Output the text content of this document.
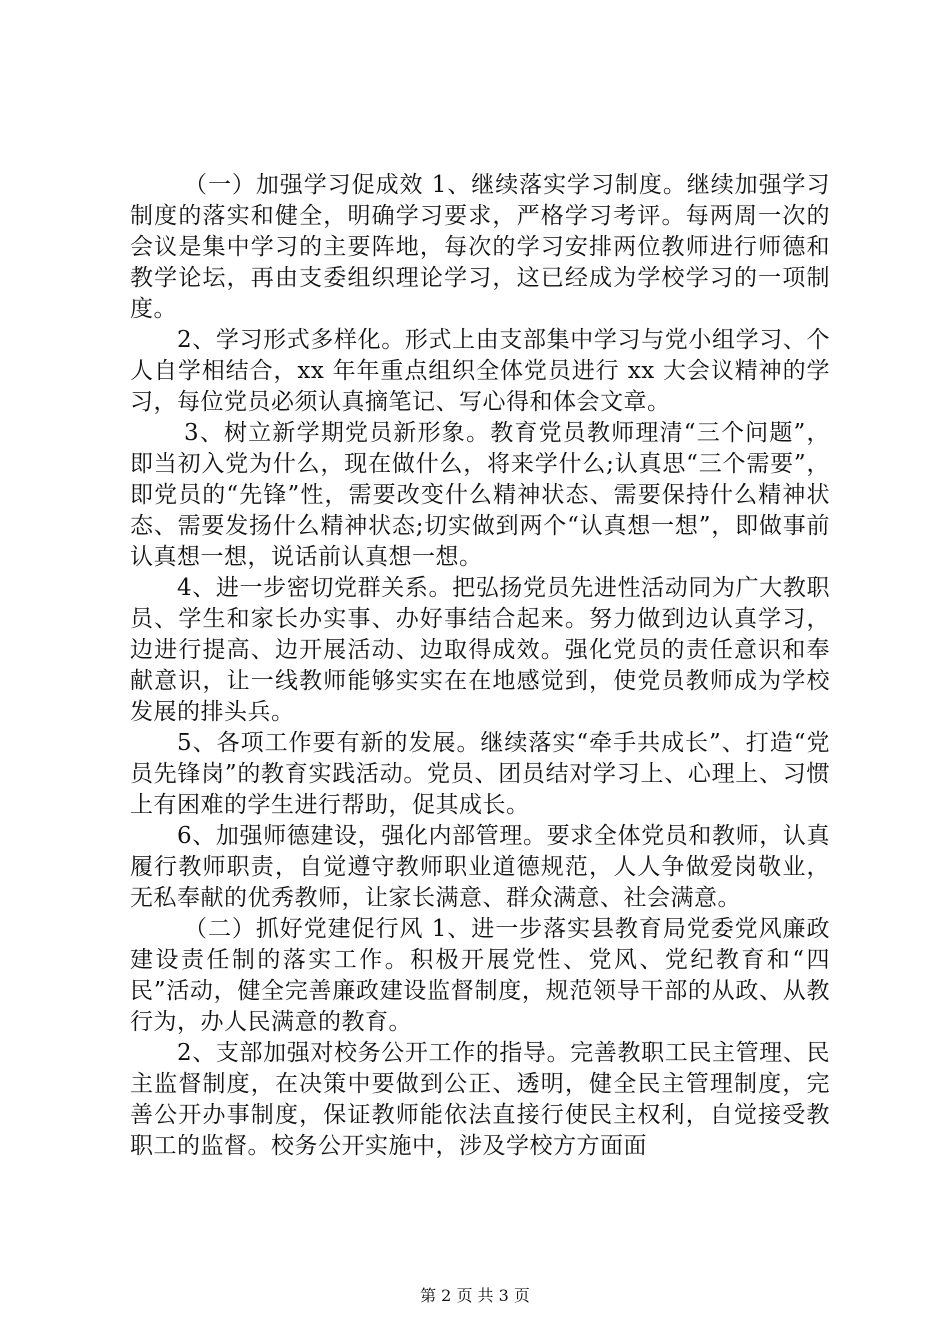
（一）加强学习促成效 1、继续落实学习制度。继续加强学习制度的落实和健全，明确学习要求，严格学习考评。每两周一次的会议是集中学习的主要阵地，每次的学习安排两位教师进行师德和教学论坛，再由支委组织理论学习，这已经成为学校学习的一项制度。

2、学习形式多样化。形式上由支部集中学习与党小组学习、个人自学相结合，xx 年年重点组织全体党员进行 xx 大会议精神的学习，每位党员必须认真摘笔记、写心得和体会文章。

3、树立新学期党员新形象。教育党员教师理清“三个问题”，即当初入党为什么，现在做什么，将来学什么;认真思“三个需要”，即党员的“先锋”性，需要改变什么精神状态、需要保持什么精神状态、需要发扬什么精神状态;切实做到两个“认真想一想”，即做事前认真想一想，说话前认真想一想。

4、进一步密切党群关系。把弘扬党员先进性活动同为广大教职员、学生和家长办实事、办好事结合起来。努力做到边认真学习，边进行提高、边开展活动、边取得成效。强化党员的责任意识和奉献意识，让一线教师能够实实在在地感觉到，使党员教师成为学校发展的排头兵。

5、各项工作要有新的发展。继续落实“牵手共成长”、打造“党员先锋岗”的教育实践活动。党员、团员结对学习上、心理上、习惯上有困难的学生进行帮助，促其成长。

6、加强师德建设，强化内部管理。要求全体党员和教师，认真履行教师职责，自觉遵守教师职业道德规范，人人争做爱岗敬业，无私奉献的优秀教师，让家长满意、群众满意、社会满意。

（二）抓好党建促行风 1、进一步落实县教育局党委党风廉政建设责任制的落实工作。积极开展党性、党风、党纪教育和“四民”活动，健全完善廉政建设监督制度，规范领导干部的从政、从教行为，办人民满意的教育。

2、支部加强对校务公开工作的指导。完善教职工民主管理、民主监督制度，在决策中要做到公正、透明，健全民主管理制度，完善公开办事制度，保证教师能依法直接行使民主权利，自觉接受教职工的监督。校务公开实施中，涉及学校方方面面

第 2 页 共 3 页
